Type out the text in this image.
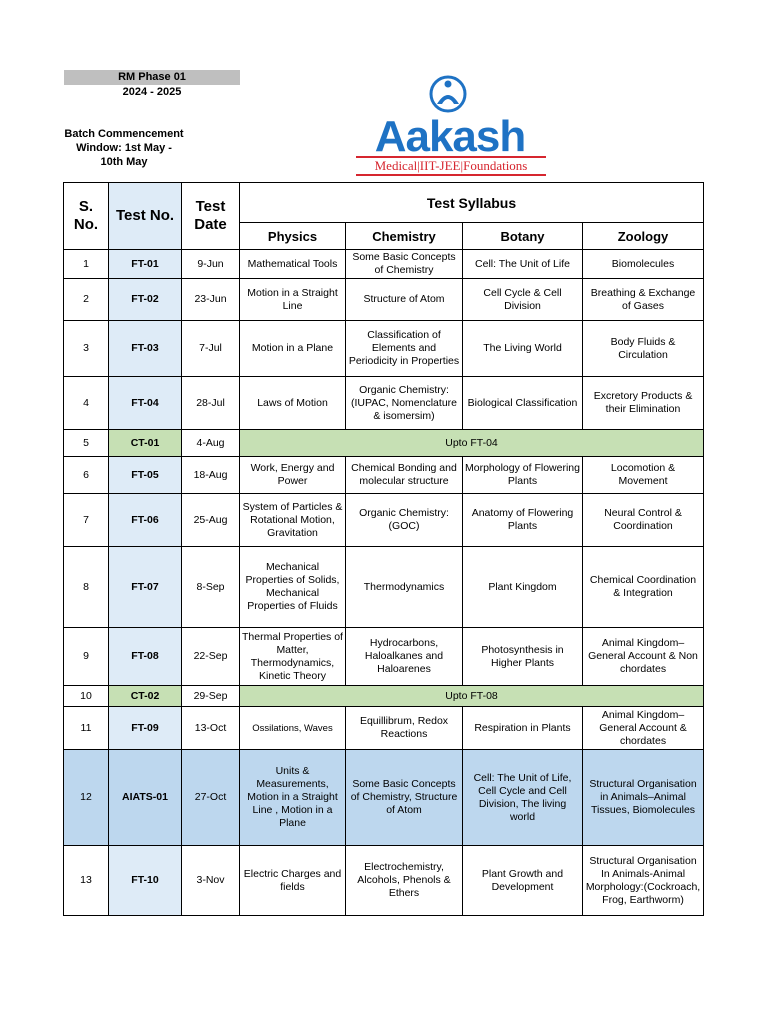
RM Phase 01
2024 - 2025
Batch Commencement Window: 1st May - 10th May
Aakash
Medical|IIT-JEE|Foundations
S. No.	Test No.	Test Date	Test Syllabus			
			Physics	Chemistry	Botany	Zoology
1	FT-01	9-Jun	Mathematical Tools	Some Basic Concepts of Chemistry	Cell: The Unit of Life	Biomolecules
2	FT-02	23-Jun	Motion in a Straight Line	Structure of Atom	Cell Cycle & Cell Division	Breathing & Exchange of Gases
3	FT-03	7-Jul	Motion in a Plane	Classification of Elements and Periodicity in Properties	The Living World	Body Fluids & Circulation
4	FT-04	28-Jul	Laws of Motion	Organic Chemistry: (IUPAC, Nomenclature & isomersim)	Biological Classification	Excretory Products & their Elimination
5	CT-01	4-Aug	Upto FT-04			
6	FT-05	18-Aug	Work, Energy and Power	Chemical Bonding and molecular structure	Morphology of Flowering Plants	Locomotion & Movement
7	FT-06	25-Aug	System of Particles & Rotational Motion, Gravitation	Organic Chemistry: (GOC)	Anatomy of Flowering Plants	Neural Control & Coordination
8	FT-07	8-Sep	Mechanical Properties of Solids, Mechanical Properties of Fluids	Thermodynamics	Plant Kingdom	Chemical Coordination & Integration
9	FT-08	22-Sep	Thermal Properties of Matter, Thermodynamics, Kinetic Theory	Hydrocarbons, Haloalkanes and Haloarenes	Photosynthesis in Higher Plants	Animal Kingdom–General Account & Non chordates
10	CT-02	29-Sep	Upto FT-08			
11	FT-09	13-Oct	Ossilations, Waves	Equillibrum, Redox Reactions	Respiration in Plants	Animal Kingdom–General Account & chordates
12	AIATS-01	27-Oct	Units & Measurements, Motion in a Straight Line , Motion in a Plane	Some Basic Concepts of Chemistry, Structure of Atom	Cell: The Unit of Life, Cell Cycle and Cell Division, The living world	Structural Organisation in Animals–Animal Tissues, Biomolecules
13	FT-10	3-Nov	Electric Charges and fields	Electrochemistry, Alcohols, Phenols & Ethers	Plant Growth and Development	Structural Organisation In Animals-Animal Morphology:(Cockroach, Frog, Earthworm)
